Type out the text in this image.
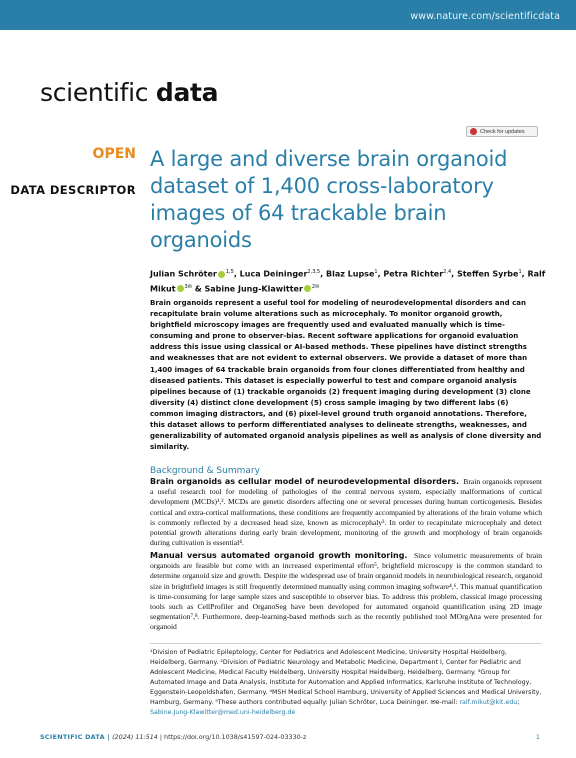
www.nature.com/scientificdata
scientific data
Check for updates
OPEN
DATA DESCRIPTOR
A large and diverse brain organoid dataset of 1,400 cross-laboratory images of 64 trackable brain organoids
Julian Schröter $^{1,5}$, Luca Deininger$^{2,3,5}$, Blaz Lupse$^1$, Petra Richter$^{2,4}$, Steffen Syrbe$^1$, Ralf Mikut $^{3✉}$ & Sabine Jung-Klawitter $^{2✉}$

Brain organoids represent a useful tool for modeling of neurodevelopmental disorders and can recapitulate brain volume alterations such as microcephaly. To monitor organoid growth, brightfield microscopy images are frequently used and evaluated manually which is time-consuming and prone to observer-bias. Recent software applications for organoid evaluation address this issue using classical or AI-based methods. These pipelines have distinct strengths and weaknesses that are not evident to external observers. We provide a dataset of more than 1,400 images of 64 trackable brain organoids from four clones differentiated from healthy and diseased patients. This dataset is especially powerful to test and compare organoid analysis pipelines because of (1) trackable organoids (2) frequent imaging during development (3) clone diversity (4) distinct clone development (5) cross sample imaging by two different labs (6) common imaging distractors, and (6) pixel-level ground truth organoid annotations. Therefore, this dataset allows to perform differentiated analyses to delineate strengths, weaknesses, and generalizability of automated organoid analysis pipelines as well as analysis of clone diversity and similarity.

Background & Summary

Brain organoids as cellular model of neurodevelopmental disorders. Brain organoids represent a useful research tool for modeling of pathologies of the central nervous system, especially malformations of cortical development (MCDs)¹,². MCDs are genetic disorders affecting one or several processes during human corticogenesis. Besides cortical and extra-cortical malformations, these conditions are frequently accompanied by alterations of the brain volume which is commonly reflected by a decreased head size, known as microcephaly³. In order to recapitulate microcephaly and detect potential growth alterations during early brain development, monitoring of the growth and morphology of brain organoids during cultivation is essential⁴.

Manual versus automated organoid growth monitoring. Since volumetric measurements of brain organoids are feasible but come with an increased experimental effort⁵, brightfield microscopy is the common standard to determine organoid size and growth. Despite the widespread use of brain organoid models in neurobiological research, organoid size in brightfield images is still frequently determined manually using common imaging software⁴,⁶. This manual quantification is time-consuming for large sample sizes and susceptible to observer bias. To address this problem, classical image processing tools such as CellProfiler and OrganoSeg have been developed for automated organoid quantification using 2D image segmentation⁷,⁸. Furthermore, deep-learning-based methods such as the recently published tool MOrgAna were presented for organoid

¹Division of Pediatric Epileptology, Center for Pediatrics and Adolescent Medicine, University Hospital Heidelberg, Heidelberg, Germany. ²Division of Pediatric Neurology and Metabolic Medicine, Department I, Center for Pediatric and Adolescent Medicine, Medical Faculty Heidelberg, University Hospital Heidelberg, Heidelberg, Germany. ³Group for Automated Image and Data Analysis, Institute for Automation and Applied Informatics, Karlsruhe Institute of Technology, Eggenstein-Leopoldshafen, Germany. ⁴MSH Medical School Hamburg, University of Applied Sciences and Medical University, Hamburg, Germany. ⁵These authors contributed equally: Julian Schröter, Luca Deininger. ✉e-mail: ralf.mikut@kit.edu; Sabine.Jung-Klawitter@med.uni-heidelberg.de

SCIENTIFIC DATA | (2024) 11:514 | https://doi.org/10.1038/s41597-024-03330-z	1
